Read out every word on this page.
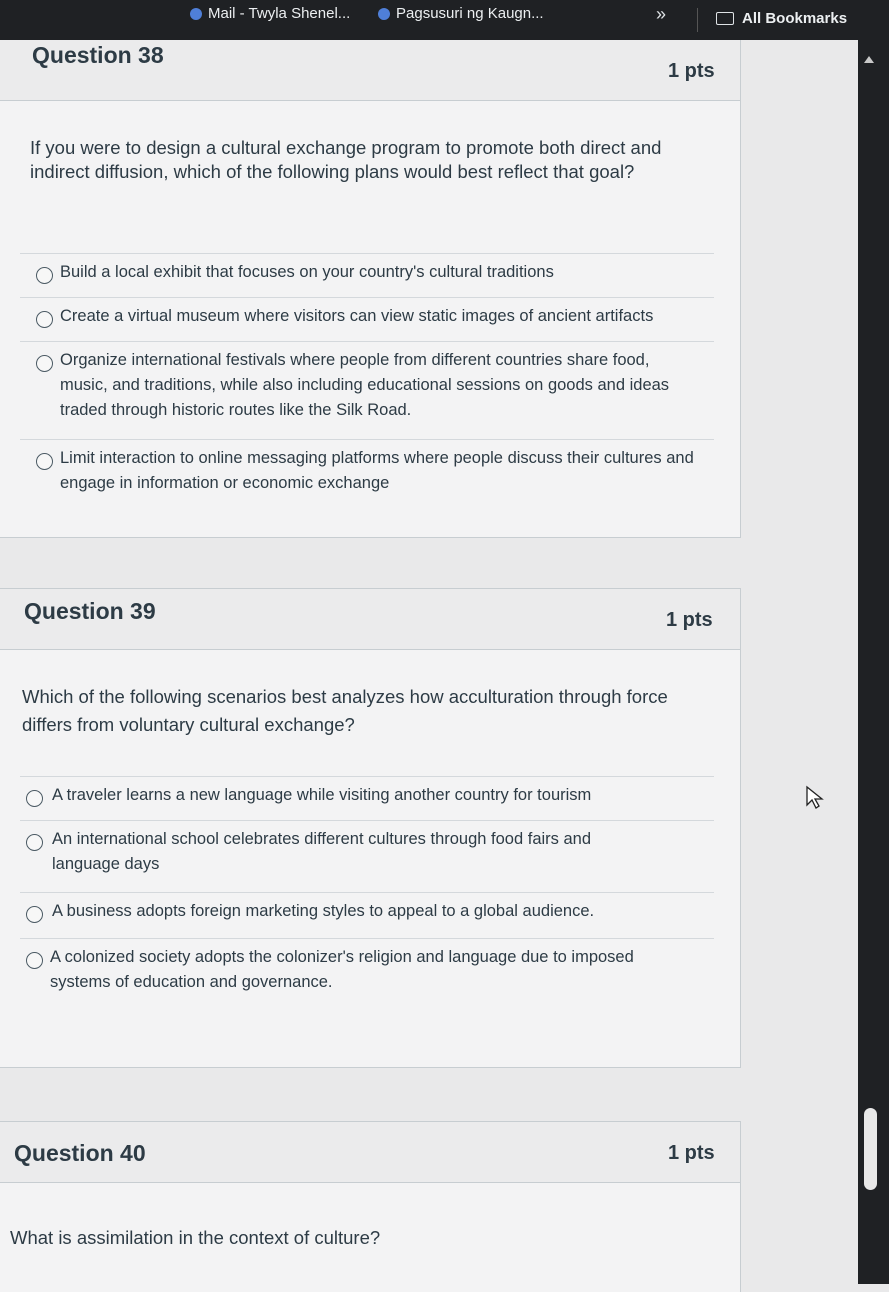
Mail - Twyla Shenel...	Pagsusuri ng Kaugn...	»	All Bookmarks
Question 38
1 pts
If you were to design a cultural exchange program to promote both direct and indirect diffusion, which of the following plans would best reflect that goal?
Build a local exhibit that focuses on your country's cultural traditions
Create a virtual museum where visitors can view static images of ancient artifacts
Organize international festivals where people from different countries share food, music, and traditions, while also including educational sessions on goods and ideas traded through historic routes like the Silk Road.
Limit interaction to online messaging platforms where people discuss their cultures and engage in information or economic exchange
Question 39	1 pts
Which of the following scenarios best analyzes how acculturation through force differs from voluntary cultural exchange?
A traveler learns a new language while visiting another country for tourism
An international school celebrates different cultures through food fairs and language days
A business adopts foreign marketing styles to appeal to a global audience.
A colonized society adopts the colonizer's religion and language due to imposed systems of education and governance.
Question 40	1 pts
What is assimilation in the context of culture?
